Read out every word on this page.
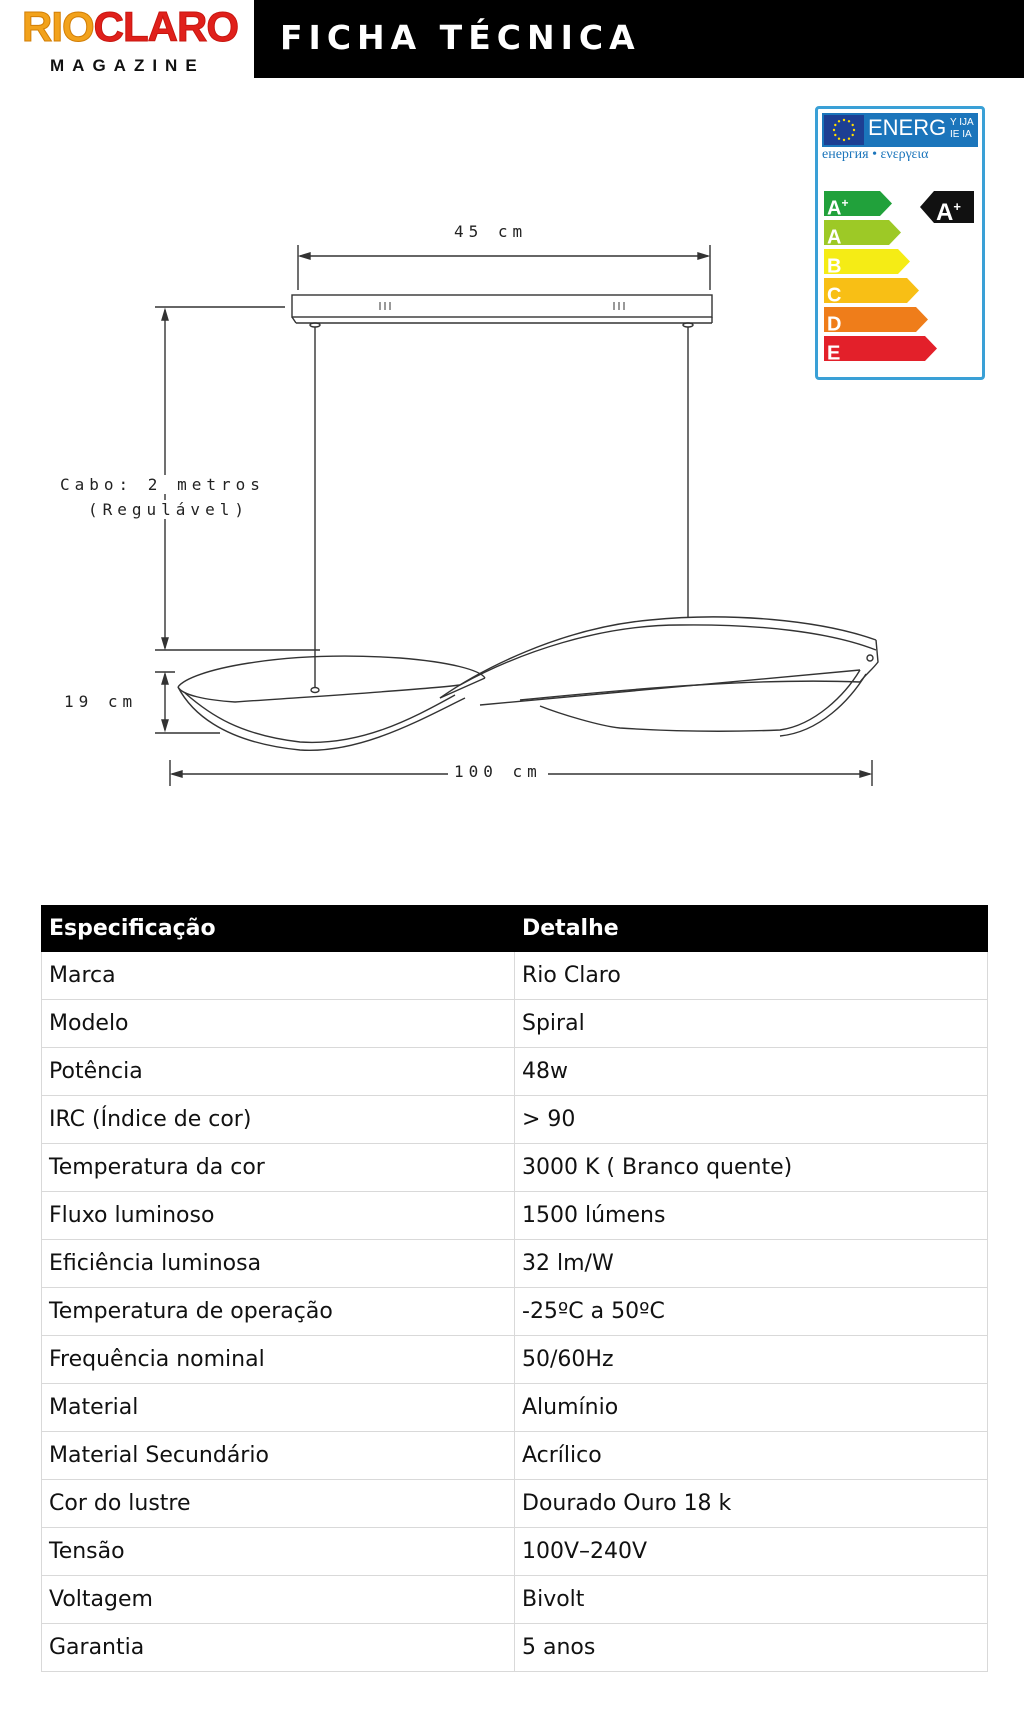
RIOCLARO
MAGAZINE
FICHA TÉCNICA
ENERG Y IJA IE IA
енергия • ενεργεια
A+
A
B
C
D
E
A+
45 cm
Cabo: 2 metros
(Regulável)
19 cm
100 cm
Especificação	Detalhe
Marca	Rio Claro
Modelo	Spiral
Potência	48w
IRC (Índice de cor)	> 90
Temperatura da cor	3000 K ( Branco quente)
Fluxo luminoso	1500 lúmens
Eficiência luminosa	32 lm/W
Temperatura de operação	-25ºC a 50ºC
Frequência nominal	50/60Hz
Material	Alumínio
Material Secundário	Acrílico
Cor do lustre	Dourado Ouro 18 k
Tensão	100V–240V
Voltagem	Bivolt
Garantia	5 anos
